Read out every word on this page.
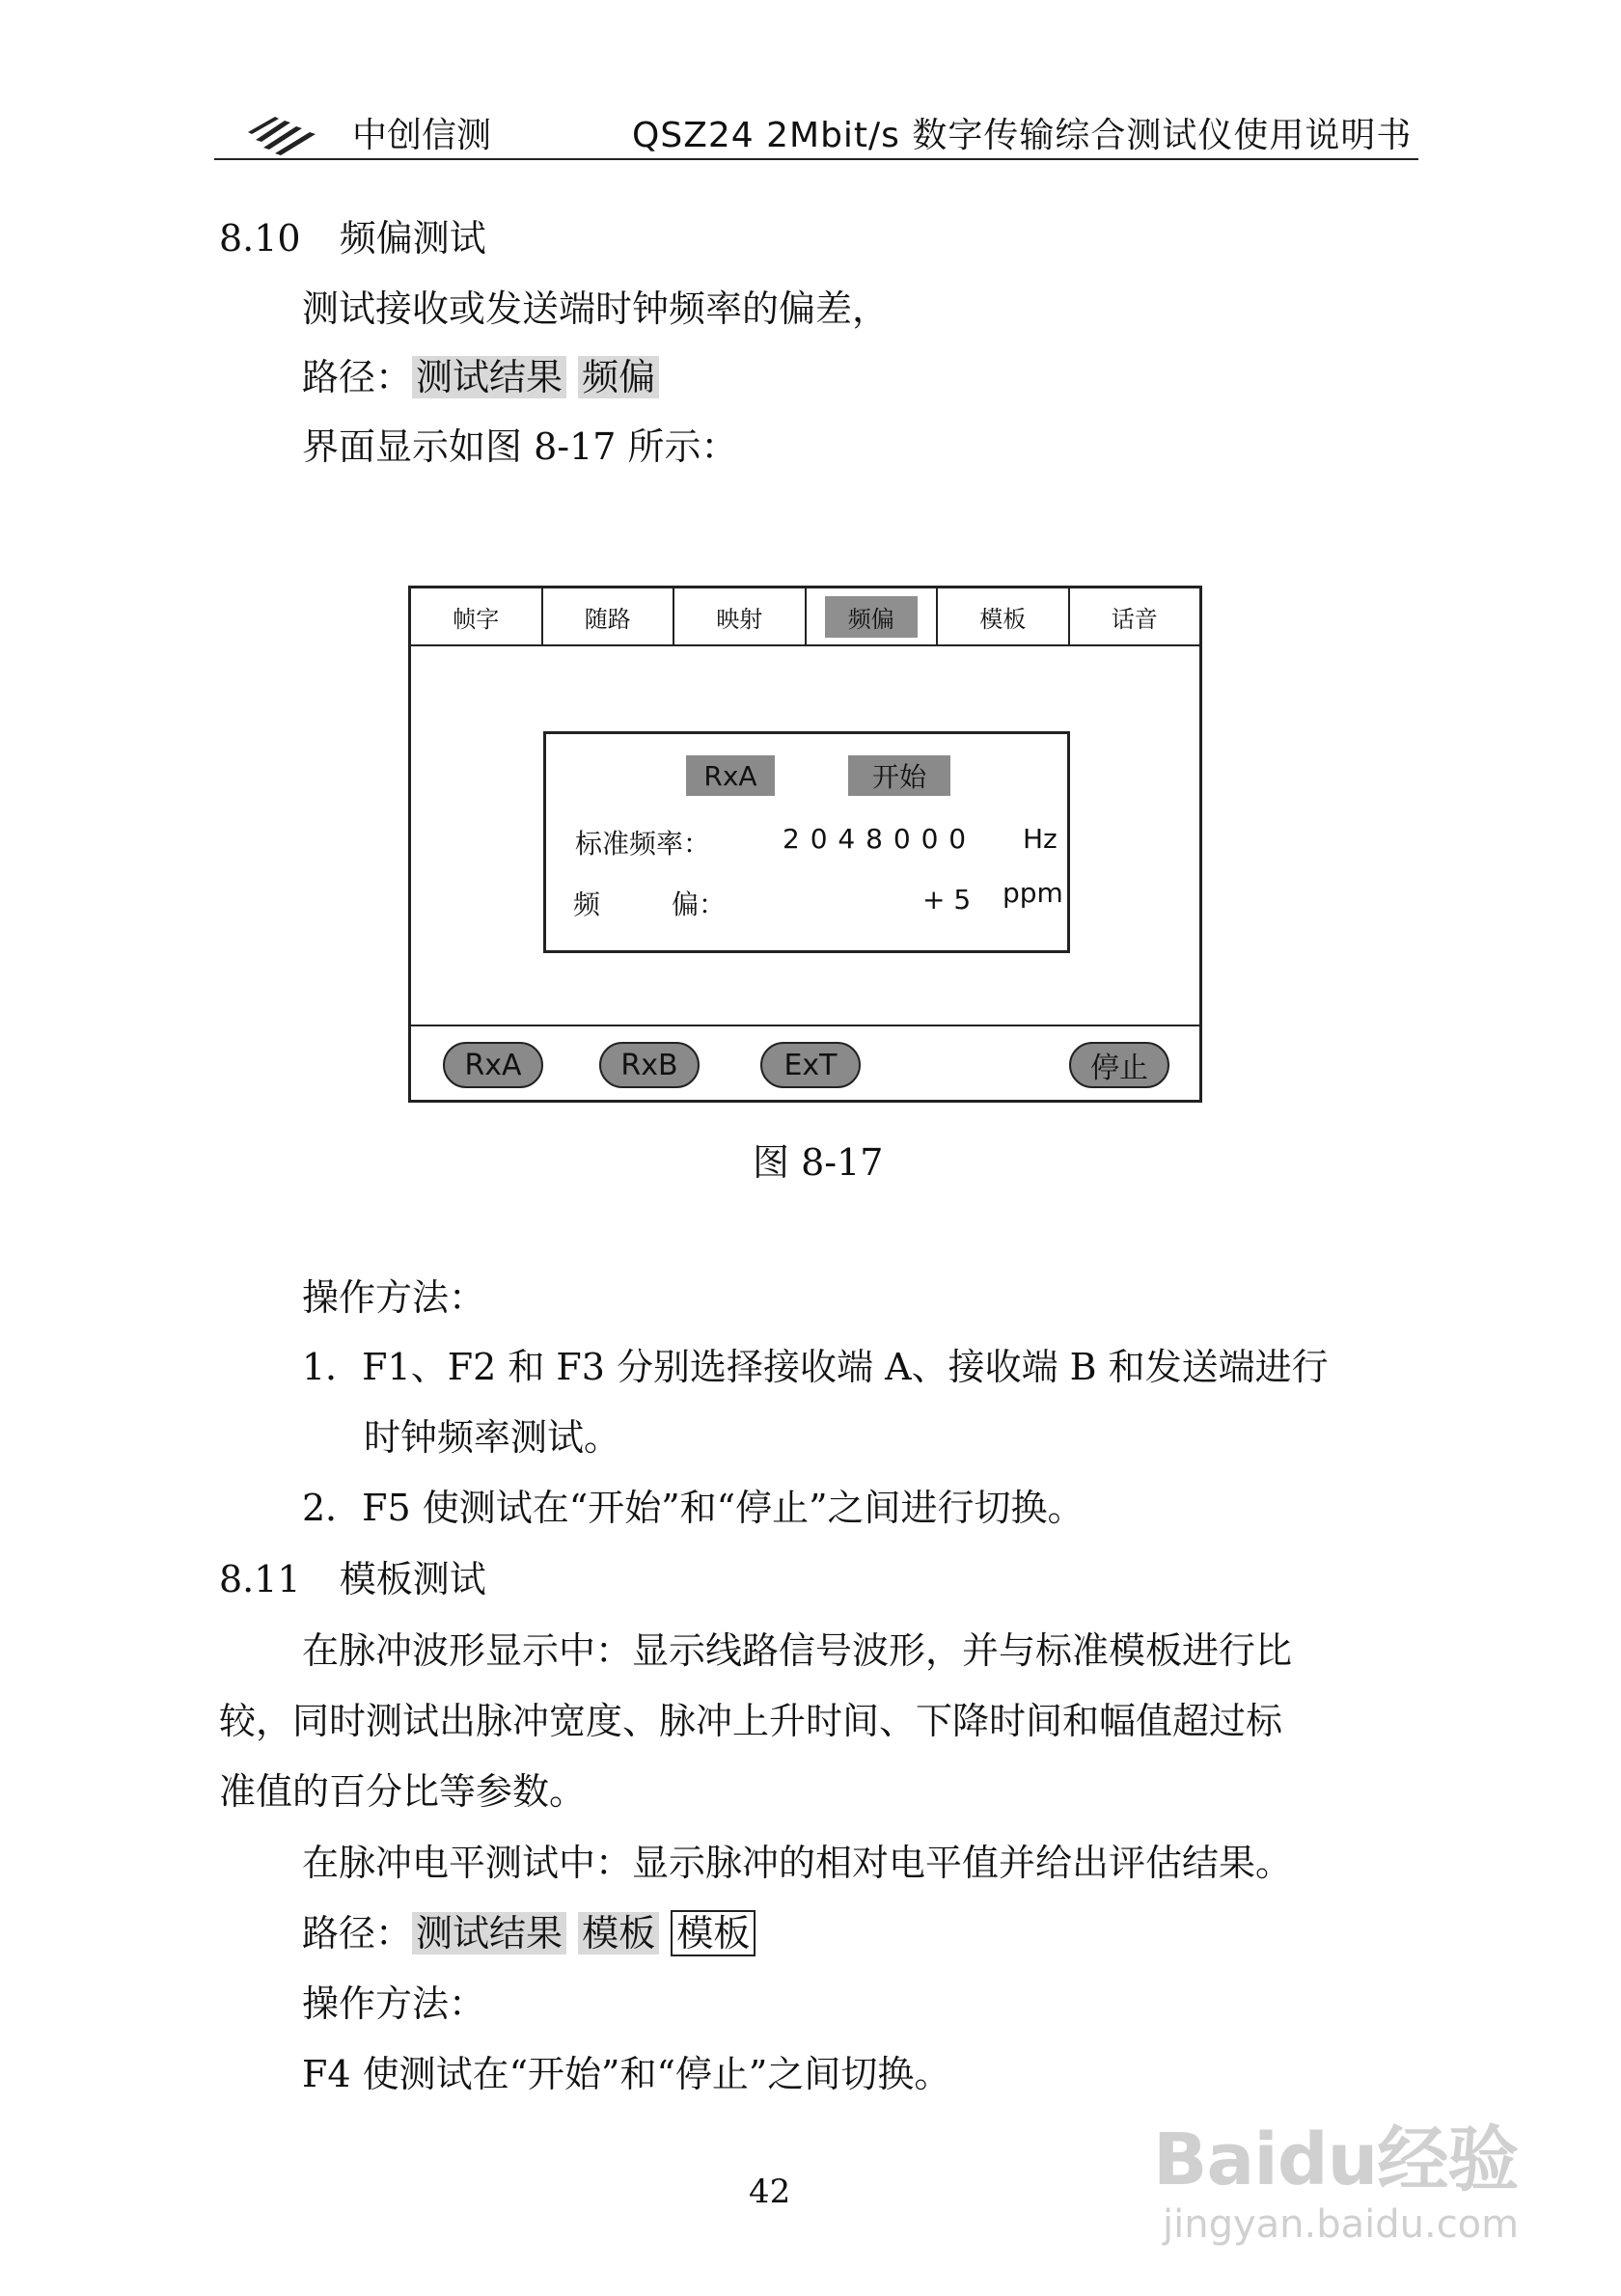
中创信测	QSZ24 2Mbit/s 数字传输综合测试仪使用说明书
8.10 频偏测试
测试接收或发送端时钟频率的偏差，
路径： 测试结果 频偏
界面显示如图 8-17 所示：
帧字	随路	映射	频偏	模板	话音
RxA	开始
标准频率：	2 0 4 8 0 0 0 Hz
频	偏：	+ 5 ppm
RxA	RxB	ExT	停止
图 8-17
操作方法：
1．F1、F2 和 F3 分别选择接收端 A、接收端 B 和发送端进行
时钟频率测试。
2．F5 使测试在“开始”和“停止”之间进行切换。
8.11 模板测试
在脉冲波形显示中：显示线路信号波形，并与标准模板进行比
较，同时测试出脉冲宽度、脉冲上升时间、下降时间和幅值超过标
准值的百分比等参数。
在脉冲电平测试中：显示脉冲的相对电平值并给出评估结果。
路径： 测试结果 模板 模板
操作方法：
F4 使测试在“开始”和“停止”之间切换。
42	Baidu经验
jingyan.baidu.com
